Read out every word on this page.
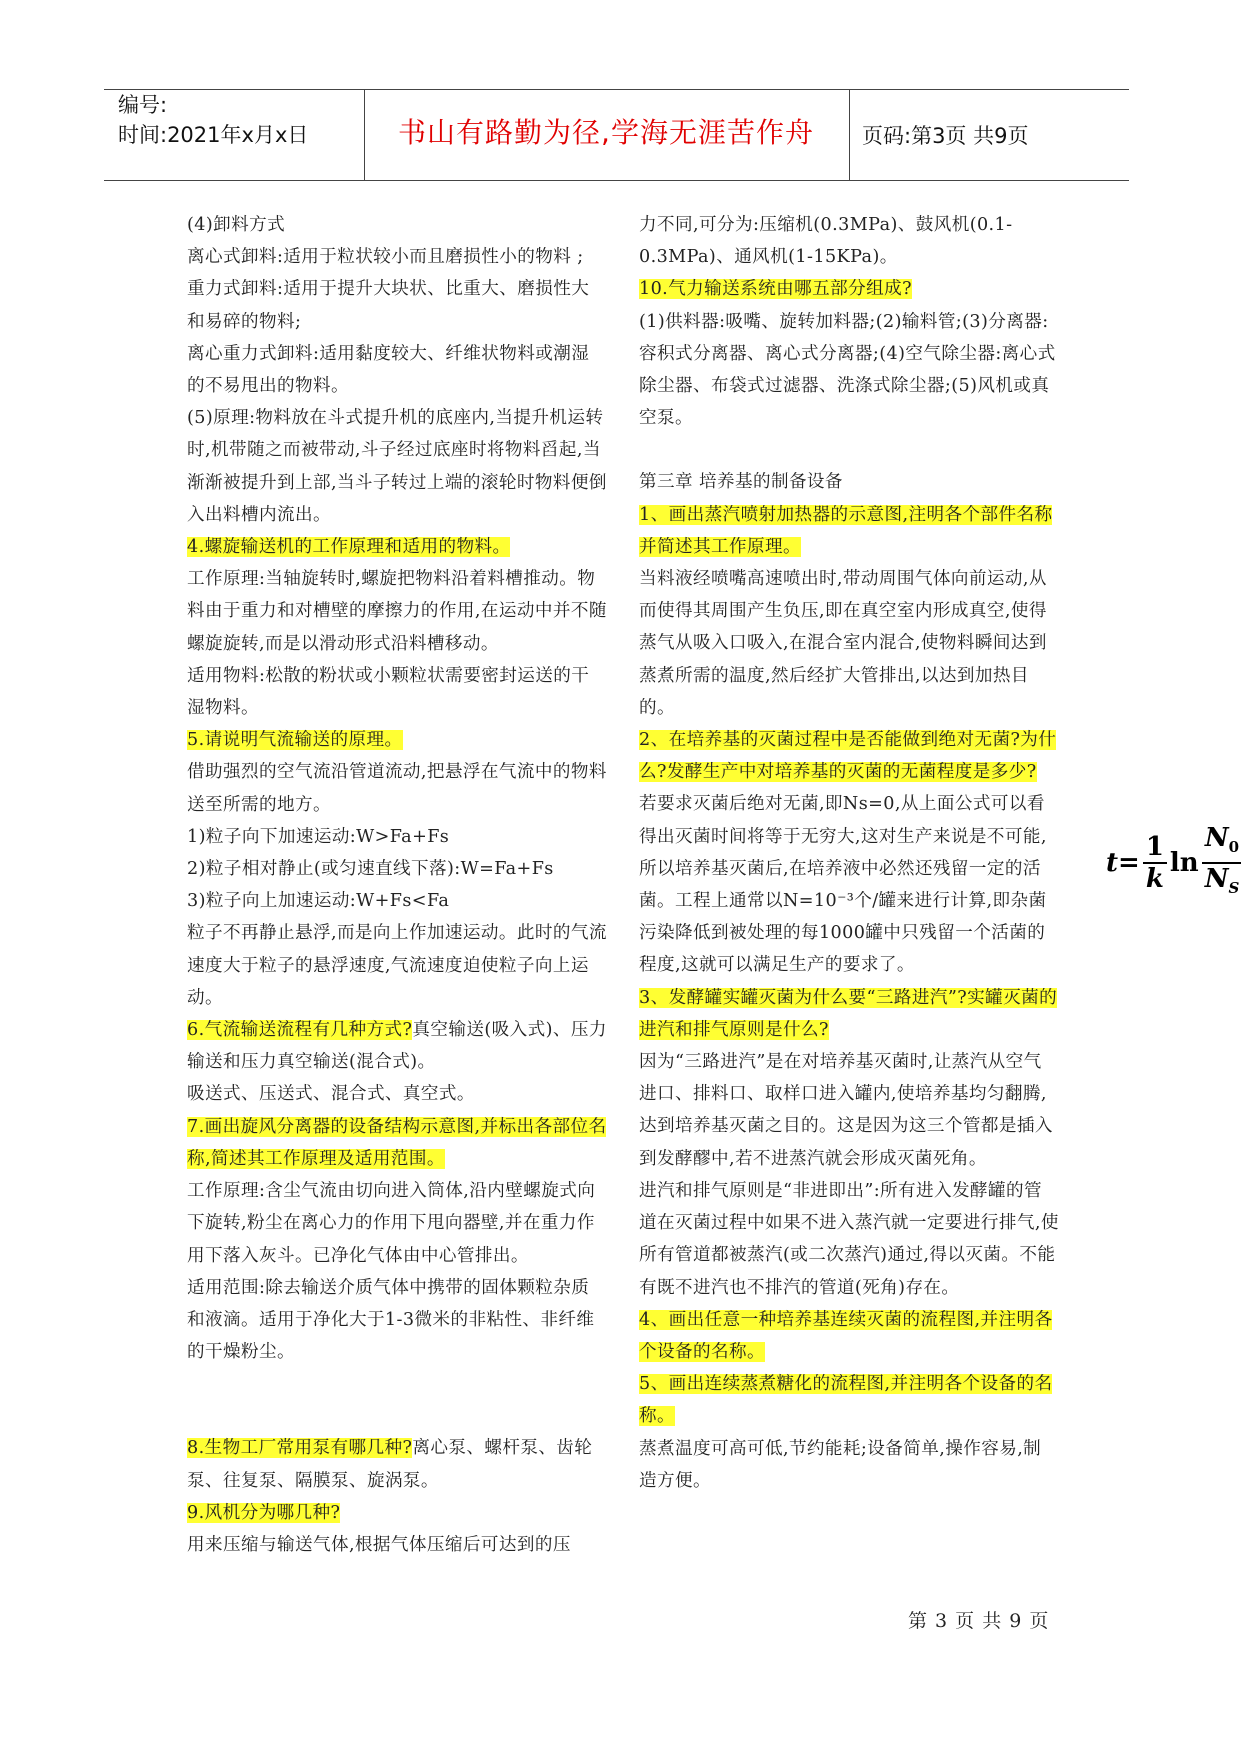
编号:
时间:2021年x月x日	书山有路勤为径,学海无涯苦作舟	页码:第3页 共9页

(4)卸料方式

离心式卸料:适用于粒状较小而且磨损性小的物料 ;

重力式卸料:适用于提升大块状、比重大、磨损性大和易碎的物料;

离心重力式卸料:适用黏度较大、纤维状物料或潮湿的不易甩出的物料。

(5)原理:物料放在斗式提升机的底座内,当提升机运转时,机带随之而被带动,斗子经过底座时将物料舀起,当渐渐被提升到上部,当斗子转过上端的滚轮时物料便倒入出料槽内流出。

4.螺旋输送机的工作原理和适用的物料。

工作原理:当轴旋转时,螺旋把物料沿着料槽推动。物料由于重力和对槽壁的摩擦力的作用,在运动中并不随螺旋旋转,而是以滑动形式沿料槽移动。

适用物料:松散的粉状或小颗粒状需要密封运送的干湿物料。

5.请说明气流输送的原理。

借助强烈的空气流沿管道流动,把悬浮在气流中的物料送至所需的地方。

1)粒子向下加速运动:W>Fa+Fs

2)粒子相对静止(或匀速直线下落):W=Fa+Fs

3)粒子向上加速运动:W+Fs<Fa

粒子不再静止悬浮,而是向上作加速运动。此时的气流速度大于粒子的悬浮速度,气流速度迫使粒子向上运动。

6.气流输送流程有几种方式?真空输送(吸入式)、压力输送和压力真空输送(混合式)。

吸送式、压送式、混合式、真空式。

7.画出旋风分离器的设备结构示意图,并标出各部位名称,简述其工作原理及适用范围。

工作原理:含尘气流由切向进入筒体,沿内壁螺旋式向下旋转,粉尘在离心力的作用下甩向器壁,并在重力作用下落入灰斗。已净化气体由中心管排出。

适用范围:除去输送介质气体中携带的固体颗粒杂质和液滴。适用于净化大于1-3微米的非粘性、非纤维的干燥粉尘。

8.生物工厂常用泵有哪几种?离心泵、螺杆泵、齿轮泵、往复泵、隔膜泵、旋涡泵。

9.风机分为哪几种?

用来压缩与输送气体,根据气体压缩后可达到的压

力不同,可分为:压缩机(0.3MPa)、鼓风机(0.1-0.3MPa)、通风机(1-15KPa)。

10.气力输送系统由哪五部分组成?

(1)供料器:吸嘴、旋转加料器;(2)输料管;(3)分离器:容积式分离器、离心式分离器;(4)空气除尘器:离心式除尘器、布袋式过滤器、洗涤式除尘器;(5)风机或真空泵。

第三章 培养基的制备设备

1、画出蒸汽喷射加热器的示意图,注明各个部件名称并简述其工作原理。

当料液经喷嘴高速喷出时,带动周围气体向前运动,从而使得其周围产生负压,即在真空室内形成真空,使得蒸气从吸入口吸入,在混合室内混合,使物料瞬间达到蒸煮所需的温度,然后经扩大管排出,以达到加热目的。

2、在培养基的灭菌过程中是否能做到绝对无菌?为什么?发酵生产中对培养基的灭菌的无菌程度是多少?

若要求灭菌后绝对无菌,即Ns=0,从上面公式可以看得出灭菌时间将等于无穷大,这对生产来说是不可能,所以培养基灭菌后,在培养液中必然还残留一定的活菌。工程上通常以N=10⁻³个/罐来进行计算,即杂菌污染降低到被处理的每1000罐中只残留一个活菌的程度,这就可以满足生产的要求了。

3、发酵罐实罐灭菌为什么要“三路进汽”?实罐灭菌的进汽和排气原则是什么?

因为“三路进汽”是在对培养基灭菌时,让蒸汽从空气进口、排料口、取样口进入罐内,使培养基均匀翻腾,达到培养基灭菌之目的。这是因为这三个管都是插入到发酵醪中,若不进蒸汽就会形成灭菌死角。

进汽和排气原则是“非进即出”:所有进入发酵罐的管道在灭菌过程中如果不进入蒸汽就一定要进行排气,使所有管道都被蒸汽(或二次蒸汽)通过,得以灭菌。不能有既不进汽也不排汽的管道(死角)存在。

4、画出任意一种培养基连续灭菌的流程图,并注明各个设备的名称。

5、画出连续蒸煮糖化的流程图,并注明各个设备的名称。

蒸煮温度可高可低,节约能耗;设备简单,操作容易,制造方便。

$t = \frac{1}{k}$ $\ln \frac{N_0}{N_S}$
第 3 页 共 9 页
